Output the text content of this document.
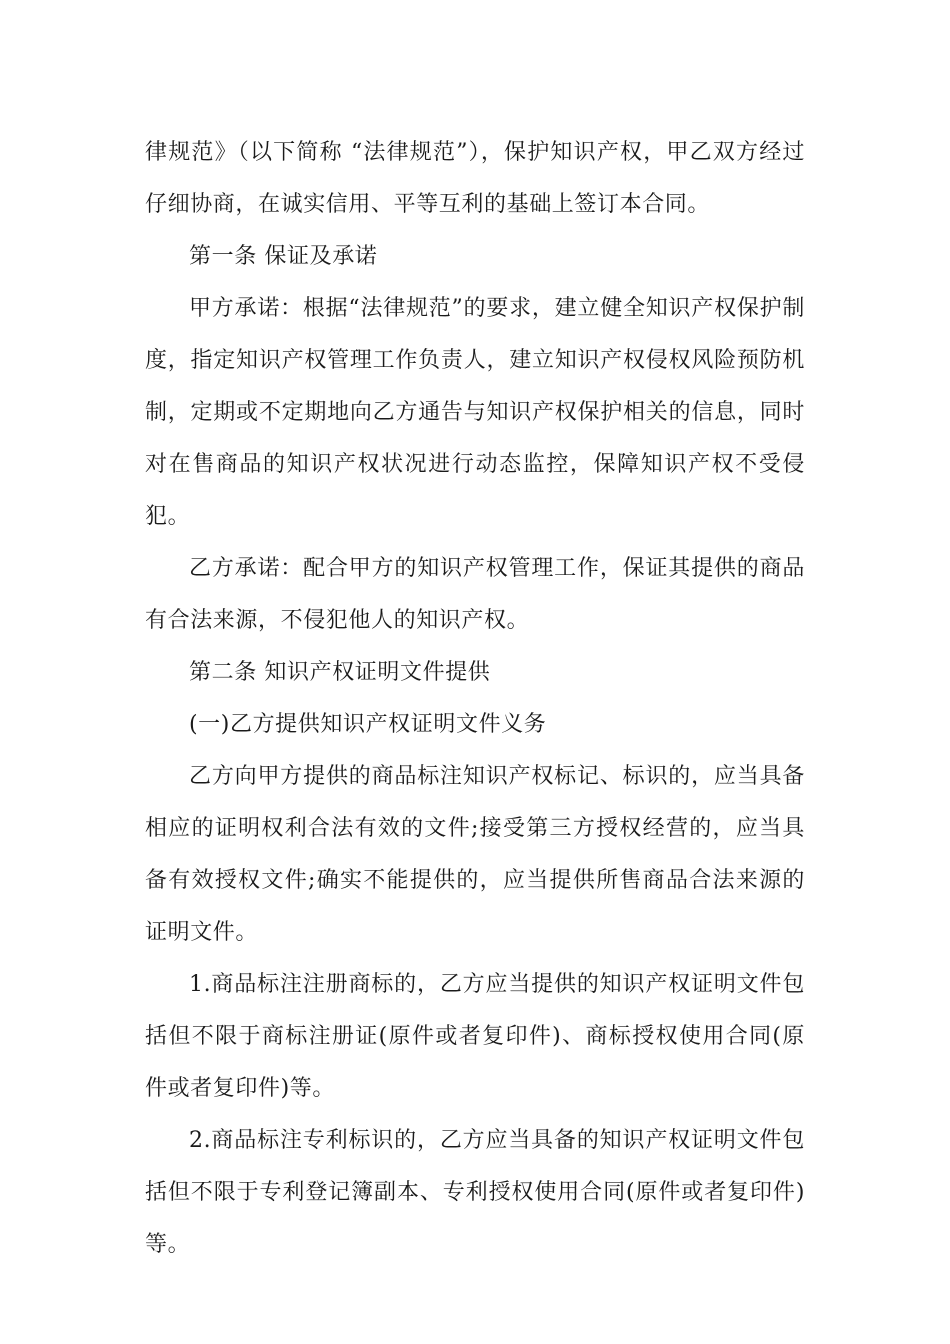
律规范》（以下简称 “法律规范”），保护知识产权，甲乙双方经过仔细协商，在诚实信用、平等互利的基础上签订本合同。

第一条 保证及承诺

甲方承诺：根据“法律规范”的要求，建立健全知识产权保护制度，指定知识产权管理工作负责人，建立知识产权侵权风险预防机制，定期或不定期地向乙方通告与知识产权保护相关的信息，同时对在售商品的知识产权状况进行动态监控，保障知识产权不受侵犯。

乙方承诺：配合甲方的知识产权管理工作，保证其提供的商品有合法来源，不侵犯他人的知识产权。

第二条 知识产权证明文件提供

(一)乙方提供知识产权证明文件义务

乙方向甲方提供的商品标注知识产权标记、标识的，应当具备相应的证明权利合法有效的文件;接受第三方授权经营的，应当具备有效授权文件;确实不能提供的，应当提供所售商品合法来源的证明文件。

1.商品标注注册商标的，乙方应当提供的知识产权证明文件包括但不限于商标注册证(原件或者复印件)、商标授权使用合同(原件或者复印件)等。

2.商品标注专利标识的，乙方应当具备的知识产权证明文件包括但不限于专利登记簿副本、专利授权使用合同(原件或者复印件)等。
